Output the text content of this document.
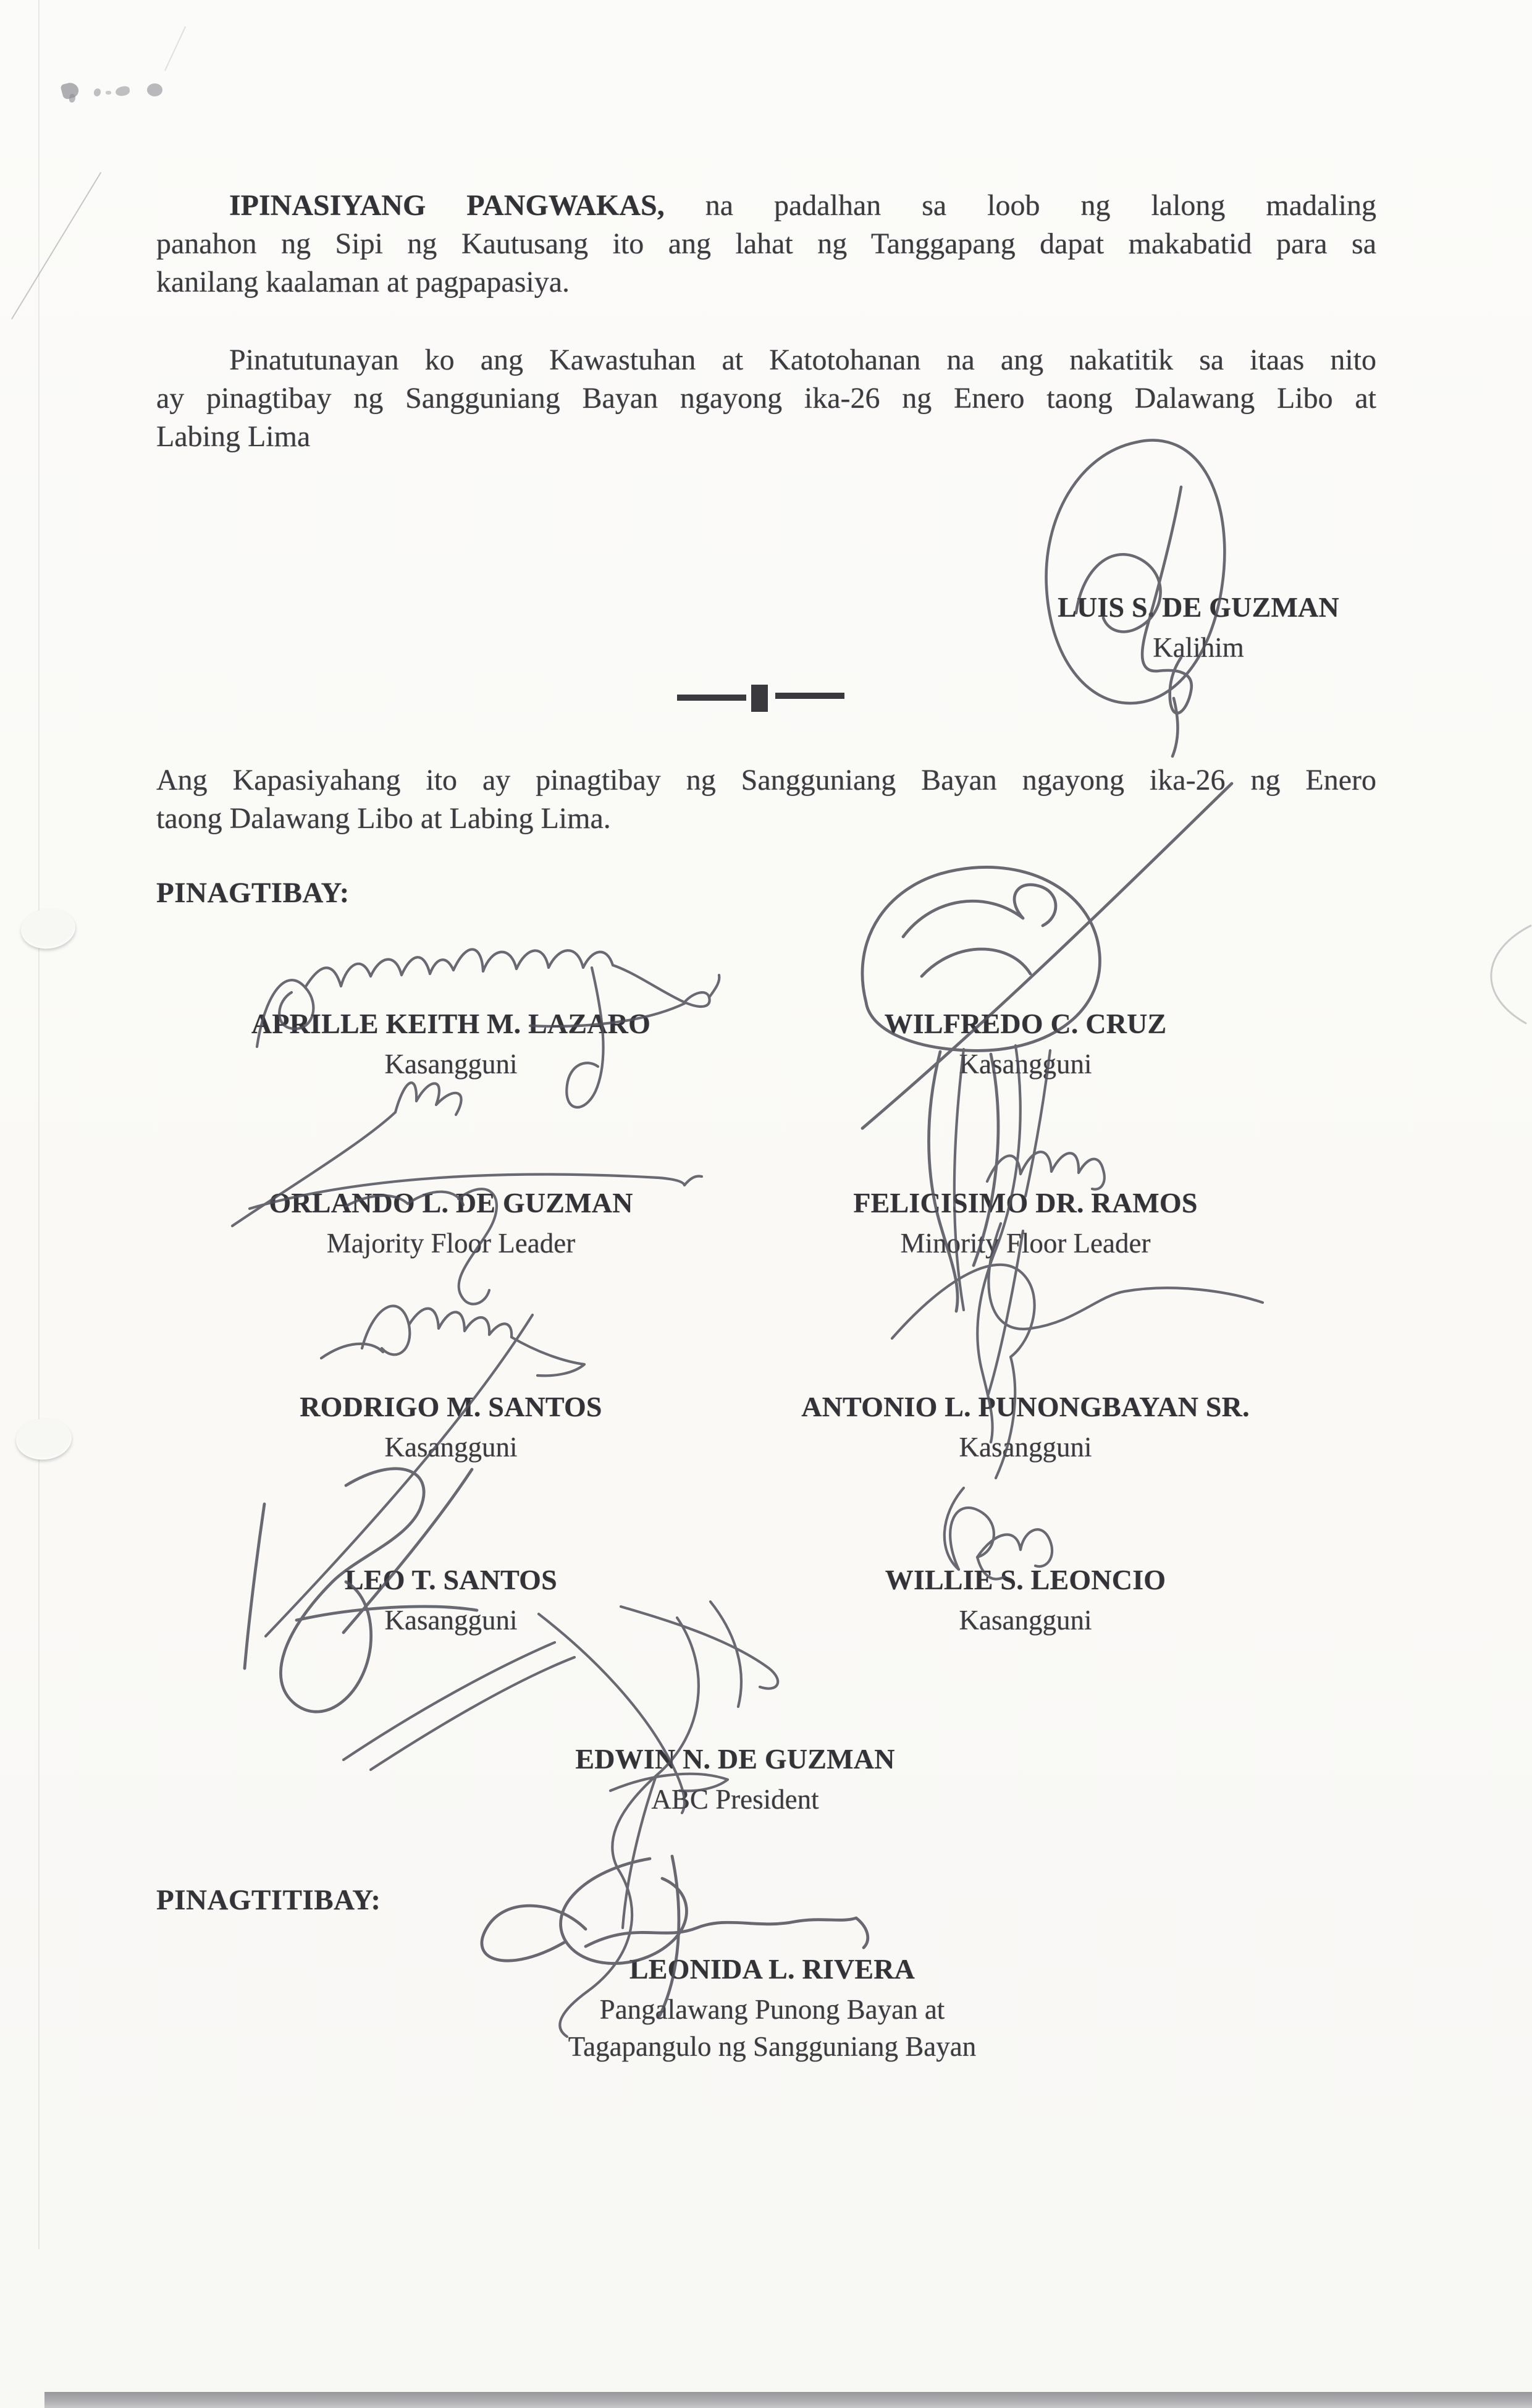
IPINASIYANG PANGWAKAS, na padalhan sa loob ng lalong madaling
panahon ng Sipi ng Kautusang ito ang lahat ng Tanggapang dapat makabatid para sa
kanilang kaalaman at pagpapasiya.
Pinatutunayan ko ang Kawastuhan at Katotohanan na ang nakatitik sa itaas nito
ay pinagtibay ng Sangguniang Bayan ngayong ika-26 ng Enero taong Dalawang Libo at
Labing Lima
LUIS S. DE GUZMAN
Kalihim
Ang Kapasiyahang ito ay pinagtibay ng Sangguniang Bayan ngayong ika-26 ng Enero
taong Dalawang Libo at Labing Lima.
PINAGTIBAY:
APRILLE KEITH M. LAZARO
Kasangguni
WILFREDO C. CRUZ
Kasangguni
ORLANDO L. DE GUZMAN
Majority Floor Leader
FELICISIMO DR. RAMOS
Minority Floor Leader
RODRIGO M. SANTOS
Kasangguni
ANTONIO L. PUNONGBAYAN SR.
Kasangguni
LEO T. SANTOS
Kasangguni
WILLIE S. LEONCIO
Kasangguni
EDWIN N. DE GUZMAN
ABC President
PINAGTITIBAY:
LEONIDA L. RIVERA
Pangalawang Punong Bayan at
Tagapangulo ng Sangguniang Bayan
